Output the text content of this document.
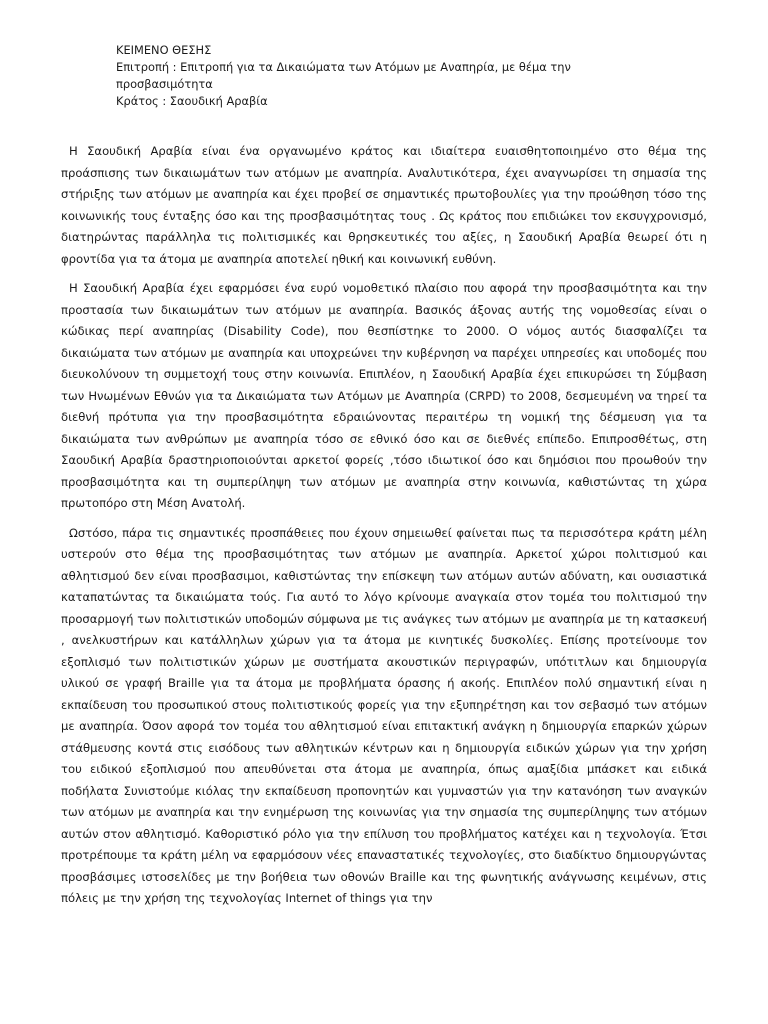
ΚΕΙΜΕΝΟ ΘΕΣΗΣ
Επιτροπή : Επιτροπή για τα Δικαιώματα των Ατόμων με Αναπηρία, με θέμα την
προσβασιμότητα
Κράτος : Σαουδική Αραβία

Η Σαουδική Αραβία είναι ένα οργανωμένο κράτος και ιδιαίτερα ευαισθητοποιημένο στο θέμα της προάσπισης των δικαιωμάτων των ατόμων με αναπηρία. Αναλυτικότερα, έχει αναγνωρίσει τη σημασία της στήριξης των ατόμων με αναπηρία και έχει προβεί σε σημαντικές πρωτοβουλίες για την προώθηση τόσο της κοινωνικής τους ένταξης όσο και της προσβασιμότητας τους . Ως κράτος που επιδιώκει τον εκσυγχρονισμό, διατηρώντας παράλληλα τις πολιτισμικές και θρησκευτικές του αξίες, η Σαουδική Αραβία θεωρεί ότι η φροντίδα για τα άτομα με αναπηρία αποτελεί ηθική και κοινωνική ευθύνη.

Η Σαουδική Αραβία έχει εφαρμόσει ένα ευρύ νομοθετικό πλαίσιο που αφορά την προσβασιμότητα και την προστασία των δικαιωμάτων των ατόμων με αναπηρία. Βασικός άξονας αυτής της νομοθεσίας είναι ο κώδικας περί αναπηρίας (Disability Code), που θεσπίστηκε το 2000. Ο νόμος αυτός διασφαλίζει τα δικαιώματα των ατόμων με αναπηρία και υποχρεώνει την κυβέρνηση να παρέχει υπηρεσίες και υποδομές που διευκολύνουν τη συμμετοχή τους στην κοινωνία. Επιπλέον, η Σαουδική Αραβία έχει επικυρώσει τη Σύμβαση των Ηνωμένων Εθνών για τα Δικαιώματα των Ατόμων με Αναπηρία (CRPD) το 2008, δεσμευμένη να τηρεί τα διεθνή πρότυπα για την προσβασιμότητα εδραιώνοντας περαιτέρω τη νομική της δέσμευση για τα δικαιώματα των ανθρώπων με αναπηρία τόσο σε εθνικό όσο και σε διεθνές επίπεδο. Επιπροσθέτως, στη Σαουδική Αραβία δραστηριοποιούνται αρκετοί φορείς ,τόσο ιδιωτικοί όσο και δημόσιοι που προωθούν την προσβασιμότητα και τη συμπερίληψη των ατόμων με αναπηρία στην κοινωνία, καθιστώντας τη χώρα πρωτοπόρο στη Μέση Ανατολή.

Ωστόσο, πάρα τις σημαντικές προσπάθειες που έχουν σημειωθεί φαίνεται πως τα περισσότερα κράτη μέλη υστερούν στο θέμα της προσβασιμότητας των ατόμων με αναπηρία. Αρκετοί χώροι πολιτισμού και αθλητισμού δεν είναι προσβασιμοι, καθιστώντας την επίσκεψη των ατόμων αυτών αδύνατη, και ουσιαστικά καταπατώντας τα δικαιώματα τούς. Για αυτό το λόγο κρίνουμε αναγκαία στον τομέα του πολιτισμού την προσαρμογή των πολιτιστικών υποδομών σύμφωνα με τις ανάγκες των ατόμων με αναπηρία με τη κατασκευή , ανελκυστήρων και κατάλληλων χώρων για τα άτομα με κινητικές δυσκολίες. Επίσης προτείνουμε τον εξοπλισμό των πολιτιστικών χώρων με συστήματα ακουστικών περιγραφών, υπότιτλων και δημιουργία υλικού σε γραφή Braille για τα άτομα με προβλήματα όρασης ή ακοής. Επιπλέον πολύ σημαντική είναι η εκπαίδευση του προσωπικού στους πολιτιστικούς φορείς για την εξυπηρέτηση και τον σεβασμό των ατόμων με αναπηρία. Όσον αφορά τον τομέα του αθλητισμού είναι επιτακτική ανάγκη η δημιουργία επαρκών χώρων στάθμευσης κοντά στις εισόδους των αθλητικών κέντρων και η δημιουργία ειδικών χώρων για την χρήση του ειδικού εξοπλισμού που απευθύνεται στα άτομα με αναπηρία, όπως αμαξίδια μπάσκετ και ειδικά ποδήλατα Συνιστούμε κιόλας την εκπαίδευση προπονητών και γυμναστών για την κατανόηση των αναγκών των ατόμων με αναπηρία και την ενημέρωση της κοινωνίας για την σημασία της συμπερίληψης των ατόμων αυτών στον αθλητισμό. Καθοριστικό ρόλο για την επίλυση του προβλήματος κατέχει και η τεχνολογία. Έτσι προτρέπουμε τα κράτη μέλη να εφαρμόσουν νέες επαναστατικές τεχνολογίες, στο διαδίκτυο δημιουργώντας προσβάσιμες ιστοσελίδες με την βοήθεια των οθονών Braille και της φωνητικής ανάγνωσης κειμένων, στις πόλεις με την χρήση της τεχνολογίας Internet of things για την
